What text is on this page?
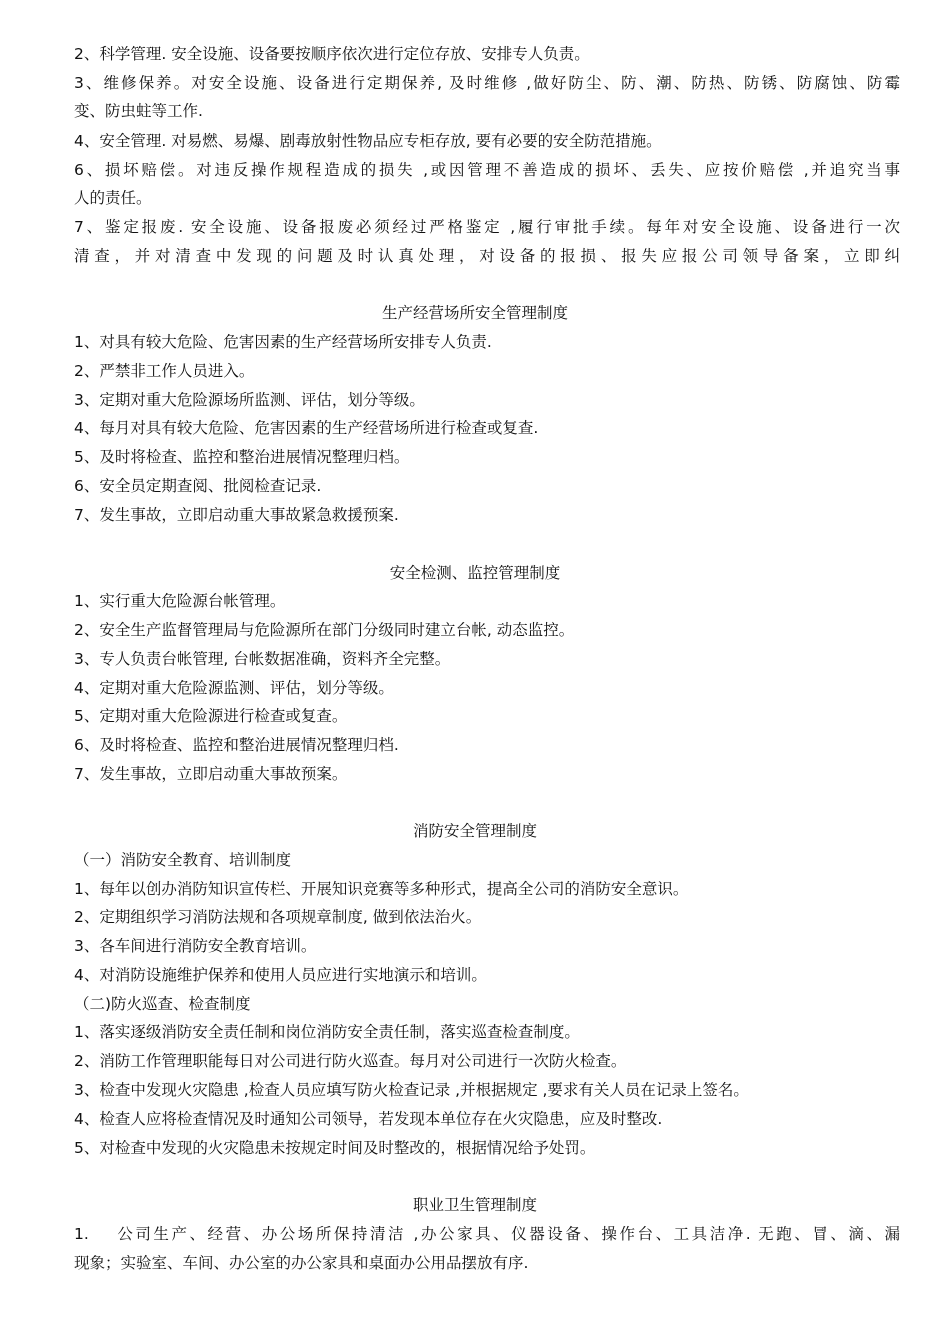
2、科学管理. 安全设施、设备要按顺序依次进行定位存放、安排专人负责。
3、维修保养。对安全设施、设备进行定期保养, 及时维修 ,做好防尘、防、潮、防热、防锈、防腐蚀、防霉
变、防虫蛀等工作.
4、安全管理. 对易燃、易爆、剧毒放射性物品应专柜存放, 要有必要的安全防范措施。
6、损坏赔偿。对违反操作规程造成的损失 ,或因管理不善造成的损坏、丢失、应按价赔偿 ,并追究当事
人的责任。
7、鉴定报废. 安全设施、设备报废必须经过严格鉴定 ,履行审批手续。每年对安全设施、设备进行一次
清查，并对清查中发现的问题及时认真处理，对设备的报损、报失应报公司领导备案，立即纠
生产经营场所安全管理制度
1、对具有较大危险、危害因素的生产经营场所安排专人负责.
2、严禁非工作人员进入。
3、定期对重大危险源场所监测、评估，划分等级。
4、每月对具有较大危险、危害因素的生产经营场所进行检查或复查.
5、及时将检查、监控和整治进展情况整理归档。
6、安全员定期查阅、批阅检查记录.
7、发生事故，立即启动重大事故紧急救援预案.
安全检测、监控管理制度
1、实行重大危险源台帐管理。
2、安全生产监督管理局与危险源所在部门分级同时建立台帐, 动态监控。
3、专人负责台帐管理, 台帐数据准确，资料齐全完整。
4、定期对重大危险源监测、评估，划分等级。
5、定期对重大危险源进行检查或复查。
6、及时将检查、监控和整治进展情况整理归档.
7、发生事故，立即启动重大事故预案。
消防安全管理制度
（一）消防安全教育、培训制度
1、每年以创办消防知识宣传栏、开展知识竞赛等多种形式，提高全公司的消防安全意识。
2、定期组织学习消防法规和各项规章制度, 做到依法治火。
3、各车间进行消防安全教育培训。
4、对消防设施维护保养和使用人员应进行实地演示和培训。
（二)防火巡查、检查制度
1、落实逐级消防安全责任制和岗位消防安全责任制，落实巡查检查制度。
2、消防工作管理职能每日对公司进行防火巡查。每月对公司进行一次防火检查。
3、检查中发现火灾隐患 ,检查人员应填写防火检查记录 ,并根据规定 ,要求有关人员在记录上签名。
4、检查人应将检查情况及时通知公司领导，若发现本单位存在火灾隐患，应及时整改.
5、对检查中发现的火灾隐患未按规定时间及时整改的，根据情况给予处罚。
职业卫生管理制度
1. 公司生产、经营、办公场所保持清洁 ,办公家具、仪器设备、操作台、工具洁净. 无跑、冒、滴、漏
现象；实验室、车间、办公室的办公家具和桌面办公用品摆放有序.
